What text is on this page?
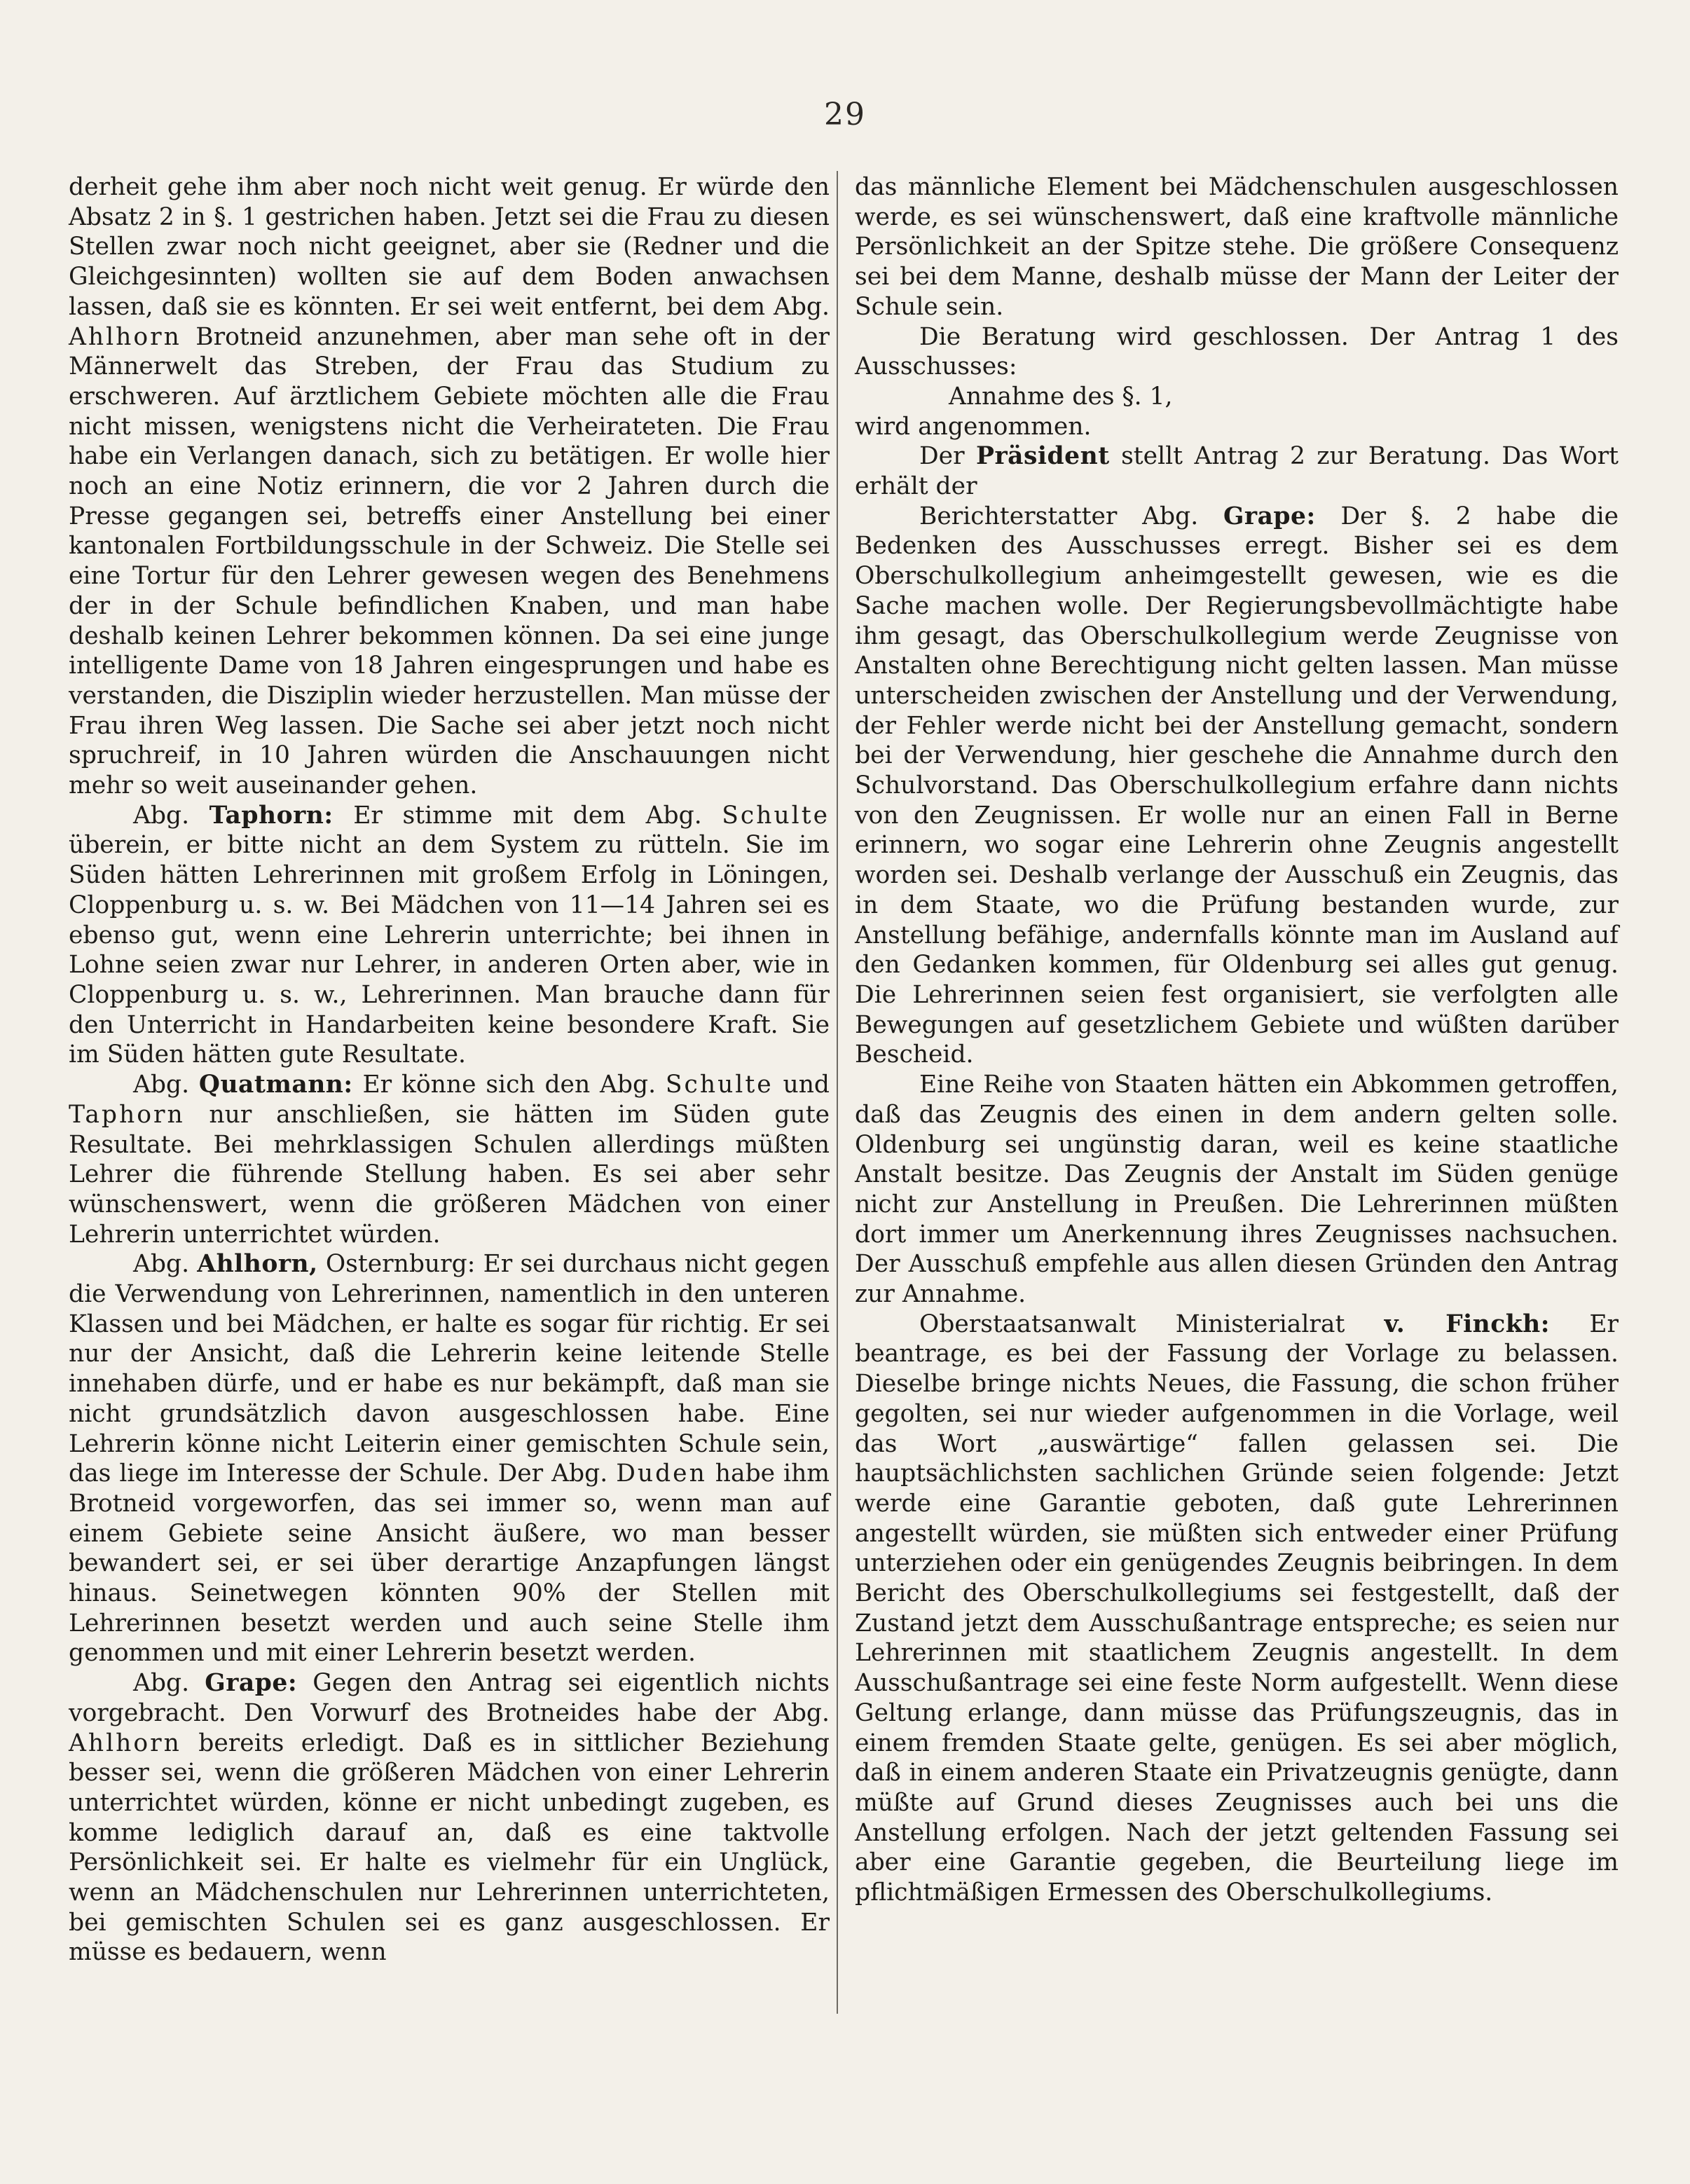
29

derheit gehe ihm aber noch nicht weit genug. Er würde den Absatz 2 in §. 1 gestrichen haben. Jetzt sei die Frau zu diesen Stellen zwar noch nicht geeignet, aber sie (Redner und die Gleichgesinnten) wollten sie auf dem Boden anwachsen lassen, daß sie es könnten. Er sei weit entfernt, bei dem Abg. Ahlhorn Brotneid anzunehmen, aber man sehe oft in der Männerwelt das Streben, der Frau das Studium zu erschweren. Auf ärztlichem Gebiete möchten alle die Frau nicht missen, wenigstens nicht die Verheirateten. Die Frau habe ein Verlangen danach, sich zu betätigen. Er wolle hier noch an eine Notiz erinnern, die vor 2 Jahren durch die Presse gegangen sei, betreffs einer Anstellung bei einer kantonalen Fortbildungsschule in der Schweiz. Die Stelle sei eine Tortur für den Lehrer gewesen wegen des Benehmens der in der Schule befindlichen Knaben, und man habe deshalb keinen Lehrer bekommen können. Da sei eine junge intelligente Dame von 18 Jahren eingesprungen und habe es verstanden, die Disziplin wieder herzustellen. Man müsse der Frau ihren Weg lassen. Die Sache sei aber jetzt noch nicht spruchreif, in 10 Jahren würden die Anschauungen nicht mehr so weit auseinander gehen.

Abg. Taphorn: Er stimme mit dem Abg. Schulte überein, er bitte nicht an dem System zu rütteln. Sie im Süden hätten Lehrerinnen mit großem Erfolg in Löningen, Cloppenburg u. s. w. Bei Mädchen von 11—14 Jahren sei es ebenso gut, wenn eine Lehrerin unterrichte; bei ihnen in Lohne seien zwar nur Lehrer, in anderen Orten aber, wie in Cloppenburg u. s. w., Lehrerinnen. Man brauche dann für den Unterricht in Handarbeiten keine besondere Kraft. Sie im Süden hätten gute Resultate.

Abg. Quatmann: Er könne sich den Abg. Schulte und Taphorn nur anschließen, sie hätten im Süden gute Resultate. Bei mehrklassigen Schulen allerdings müßten Lehrer die führende Stellung haben. Es sei aber sehr wünschenswert, wenn die größeren Mädchen von einer Lehrerin unterrichtet würden.

Abg. Ahlhorn, Osternburg: Er sei durchaus nicht gegen die Verwendung von Lehrerinnen, namentlich in den unteren Klassen und bei Mädchen, er halte es sogar für richtig. Er sei nur der Ansicht, daß die Lehrerin keine leitende Stelle innehaben dürfe, und er habe es nur bekämpft, daß man sie nicht grundsätzlich davon ausgeschlossen habe. Eine Lehrerin könne nicht Leiterin einer gemischten Schule sein, das liege im Interesse der Schule. Der Abg. Duden habe ihm Brotneid vorgeworfen, das sei immer so, wenn man auf einem Gebiete seine Ansicht äußere, wo man besser bewandert sei, er sei über derartige Anzapfungen längst hinaus. Seinetwegen könnten 90% der Stellen mit Lehrerinnen besetzt werden und auch seine Stelle ihm genommen und mit einer Lehrerin besetzt werden.

Abg. Grape: Gegen den Antrag sei eigentlich nichts vorgebracht. Den Vorwurf des Brotneides habe der Abg. Ahlhorn bereits erledigt. Daß es in sittlicher Beziehung besser sei, wenn die größeren Mädchen von einer Lehrerin unterrichtet würden, könne er nicht unbedingt zugeben, es komme lediglich darauf an, daß es eine taktvolle Persönlichkeit sei. Er halte es vielmehr für ein Unglück, wenn an Mädchenschulen nur Lehrerinnen unterrichteten, bei gemischten Schulen sei es ganz ausgeschlossen. Er müsse es bedauern, wenn

das männliche Element bei Mädchenschulen ausgeschlossen werde, es sei wünschenswert, daß eine kraftvolle männliche Persönlichkeit an der Spitze stehe. Die größere Consequenz sei bei dem Manne, deshalb müsse der Mann der Leiter der Schule sein.

Die Beratung wird geschlossen. Der Antrag 1 des Ausschusses:

Annahme des §. 1,

wird angenommen.

Der Präsident stellt Antrag 2 zur Beratung. Das Wort erhält der

Berichterstatter Abg. Grape: Der §. 2 habe die Bedenken des Ausschusses erregt. Bisher sei es dem Oberschulkollegium anheimgestellt gewesen, wie es die Sache machen wolle. Der Regierungsbevollmächtigte habe ihm gesagt, das Oberschulkollegium werde Zeugnisse von Anstalten ohne Berechtigung nicht gelten lassen. Man müsse unterscheiden zwischen der Anstellung und der Verwendung, der Fehler werde nicht bei der Anstellung gemacht, sondern bei der Verwendung, hier geschehe die Annahme durch den Schulvorstand. Das Oberschulkollegium erfahre dann nichts von den Zeugnissen. Er wolle nur an einen Fall in Berne erinnern, wo sogar eine Lehrerin ohne Zeugnis angestellt worden sei. Deshalb verlange der Ausschuß ein Zeugnis, das in dem Staate, wo die Prüfung bestanden wurde, zur Anstellung befähige, andernfalls könnte man im Ausland auf den Gedanken kommen, für Oldenburg sei alles gut genug. Die Lehrerinnen seien fest organisiert, sie verfolgten alle Bewegungen auf gesetzlichem Gebiete und wüßten darüber Bescheid.

Eine Reihe von Staaten hätten ein Abkommen getroffen, daß das Zeugnis des einen in dem andern gelten solle. Oldenburg sei ungünstig daran, weil es keine staatliche Anstalt besitze. Das Zeugnis der Anstalt im Süden genüge nicht zur Anstellung in Preußen. Die Lehrerinnen müßten dort immer um Anerkennung ihres Zeugnisses nachsuchen. Der Ausschuß empfehle aus allen diesen Gründen den Antrag zur Annahme.

Oberstaatsanwalt Ministerialrat v. Finckh: Er beantrage, es bei der Fassung der Vorlage zu belassen. Dieselbe bringe nichts Neues, die Fassung, die schon früher gegolten, sei nur wieder aufgenommen in die Vorlage, weil das Wort „auswärtige“ fallen gelassen sei. Die hauptsächlichsten sachlichen Gründe seien folgende: Jetzt werde eine Garantie geboten, daß gute Lehrerinnen angestellt würden, sie müßten sich entweder einer Prüfung unterziehen oder ein genügendes Zeugnis beibringen. In dem Bericht des Oberschulkollegiums sei festgestellt, daß der Zustand jetzt dem Ausschußantrage entspreche; es seien nur Lehrerinnen mit staatlichem Zeugnis angestellt. In dem Ausschußantrage sei eine feste Norm aufgestellt. Wenn diese Geltung erlange, dann müsse das Prüfungszeugnis, das in einem fremden Staate gelte, genügen. Es sei aber möglich, daß in einem anderen Staate ein Privatzeugnis genügte, dann müßte auf Grund dieses Zeugnisses auch bei uns die Anstellung erfolgen. Nach der jetzt geltenden Fassung sei aber eine Garantie gegeben, die Beurteilung liege im pflichtmäßigen Ermessen des Oberschulkollegiums.
